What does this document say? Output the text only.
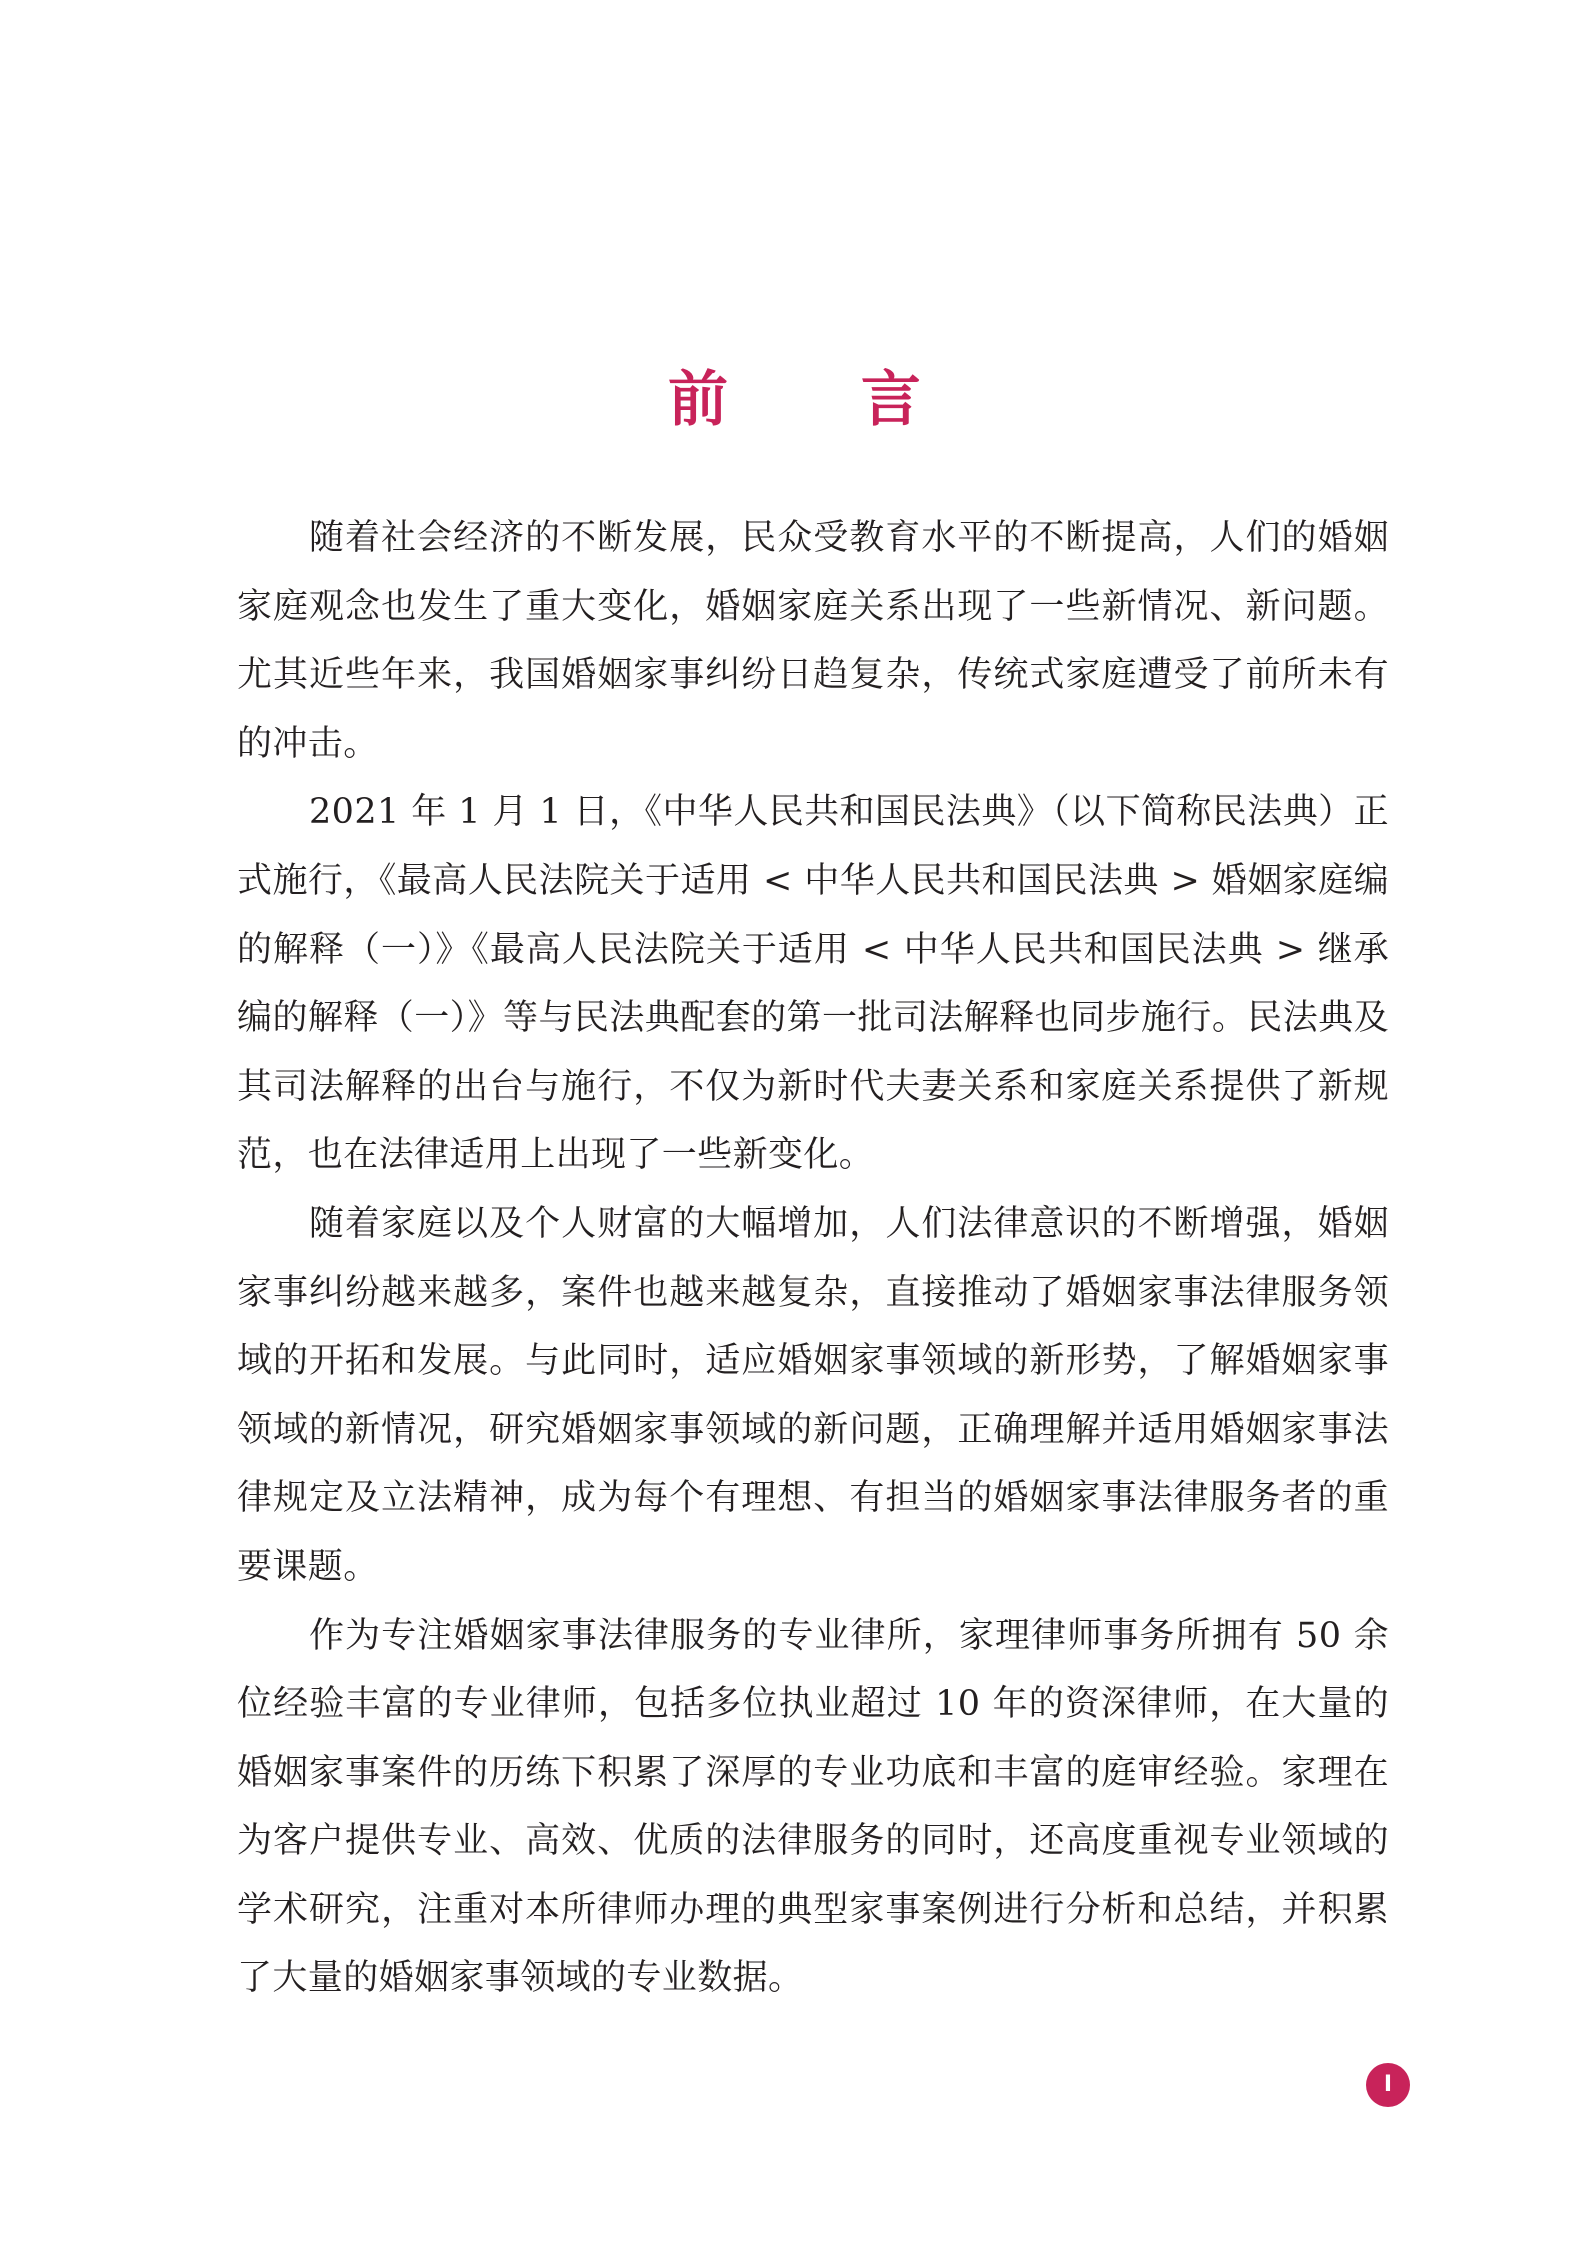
前 言

随着社会经济的不断发展，民众受教育水平的不断提高，人们的婚姻家庭观念也发生了重大变化，婚姻家庭关系出现了一些新情况、新问题。尤其近些年来，我国婚姻家事纠纷日趋复杂，传统式家庭遭受了前所未有的冲击。

2021 年 1 月 1 日，《中华人民共和国民法典》（以下简称民法典）正式施行，《最高人民法院关于适用 < 中华人民共和国民法典 > 婚姻家庭编的解释（一）》《最高人民法院关于适用 < 中华人民共和国民法典 > 继承编的解释（一）》等与民法典配套的第一批司法解释也同步施行。民法典及其司法解释的出台与施行，不仅为新时代夫妻关系和家庭关系提供了新规范，也在法律适用上出现了一些新变化。

随着家庭以及个人财富的大幅增加，人们法律意识的不断增强，婚姻家事纠纷越来越多，案件也越来越复杂，直接推动了婚姻家事法律服务领域的开拓和发展。与此同时，适应婚姻家事领域的新形势，了解婚姻家事领域的新情况，研究婚姻家事领域的新问题，正确理解并适用婚姻家事法律规定及立法精神，成为每个有理想、有担当的婚姻家事法律服务者的重要课题。

作为专注婚姻家事法律服务的专业律所，家理律师事务所拥有 50 余位经验丰富的专业律师，包括多位执业超过 10 年的资深律师，在大量的婚姻家事案件的历练下积累了深厚的专业功底和丰富的庭审经验。家理在为客户提供专业、高效、优质的法律服务的同时，还高度重视专业领域的学术研究，注重对本所律师办理的典型家事案例进行分析和总结，并积累了大量的婚姻家事领域的专业数据。

I
